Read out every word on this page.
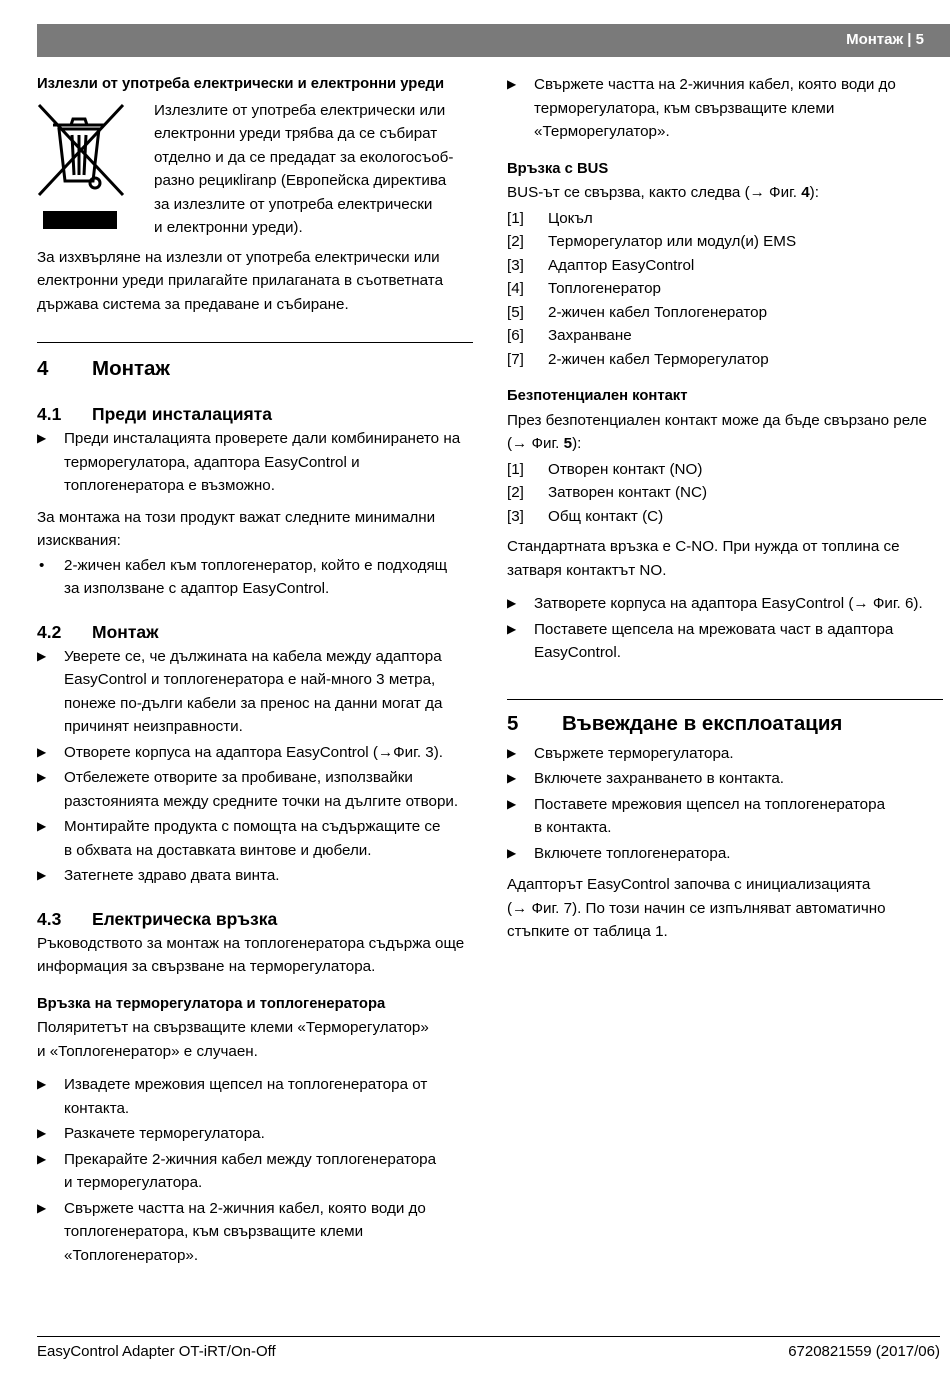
Монтаж | 5
Излезли от употреба електрически и електронни уреди
Излезлите от употреба електрически или
електронни уреди трябва да се събират
отделно и да се предадат за екологосъоб-
разно рецикliranр (Европейска директива
за излезлите от употреба електрически
и електронни уреди).
За изхвърляне на излезли от употреба електрически или
електронни уреди прилагайте прилаганата в съответната
държава система за предаване и събиране.
4 Монтаж
4.1 Преди инсталацията
▶ Преди инсталацията проверете дали комбинирането на
терморегулатора, адаптора EasyControl и
топлогенератора е възможно.
За монтажа на този продукт важат следните минимални
изисквания:
• 2-жичен кабел към топлогенератор, който е подходящ
за използване с адаптор EasyControl.
4.2 Монтаж
▶ Уверете се, че дължината на кабела между адаптора
EasyControl и топлогенератора е най-много 3 метра,
понеже по-дълги кабели за пренос на данни могат да
причинят неизправности.
▶ Отворете корпуса на адаптора EasyControl (→Фиг. 3).
▶ Отбележете отворите за пробиване, използвайки
разстоянията между средните точки на дългите отвори.
▶ Монтирайте продукта с помощта на съдържащите се
в обхвата на доставката винтове и дюбели.
▶ Затегнете здраво двата винта.
4.3 Електрическа връзка
Ръководството за монтаж на топлогенератора съдържа още
информация за свързване на терморегулатора.
Връзка на терморегулатора и топлогенератора
Поляритетът на свързващите клеми «Терморегулатор»
и «Топлогенератор» е случаен.
▶ Извадете мрежовия щепсел на топлогенератора от
контакта.
▶ Разкачете терморегулатора.
▶ Прекарайте 2-жичния кабел между топлогенератора
и терморегулатора.
▶ Свържете частта на 2-жичния кабел, която води до
топлогенератора, към свързващите клеми
«Топлогенератор».
▶ Свържете частта на 2-жичния кабел, която води до
терморегулатора, към свързващите клеми
«Терморегулатор».
Връзка с BUS
BUS-ът се свързва, както следва (→ Фиг. 4):
[1] Цокъл
[2] Терморегулатор или модул(и) EMS
[3] Адаптор EasyControl
[4] Топлогенератор
[5] 2-жичен кабел Топлогенератор
[6] Захранване
[7] 2-жичен кабел Терморегулатор
Безпотенциален контакт
През безпотенциален контакт може да бъде свързано реле
(→ Фиг. 5):
[1] Отворен контакт (NO)
[2] Затворен контакт (NC)
[3] Общ контакт (C)
Стандартната връзка е C-NO. При нужда от топлина се
затваря контактът NO.
▶ Затворете корпуса на адаптора EasyControl (→ Фиг. 6).
▶ Поставете щепсела на мрежовата част в адаптора
EasyControl.
5 Въвеждане в експлоатация
▶ Свържете терморегулатора.
▶ Включете захранването в контакта.
▶ Поставете мрежовия щепсел на топлогенератора
в контакта.
▶ Включете топлогенератора.
Адапторът EasyControl започва с инициализацията
(→ Фиг. 7). По този начин се изпълняват автоматично
стъпките от таблица 1.
EasyControl Adapter OT-iRT/On-Off	6720821559 (2017/06)
